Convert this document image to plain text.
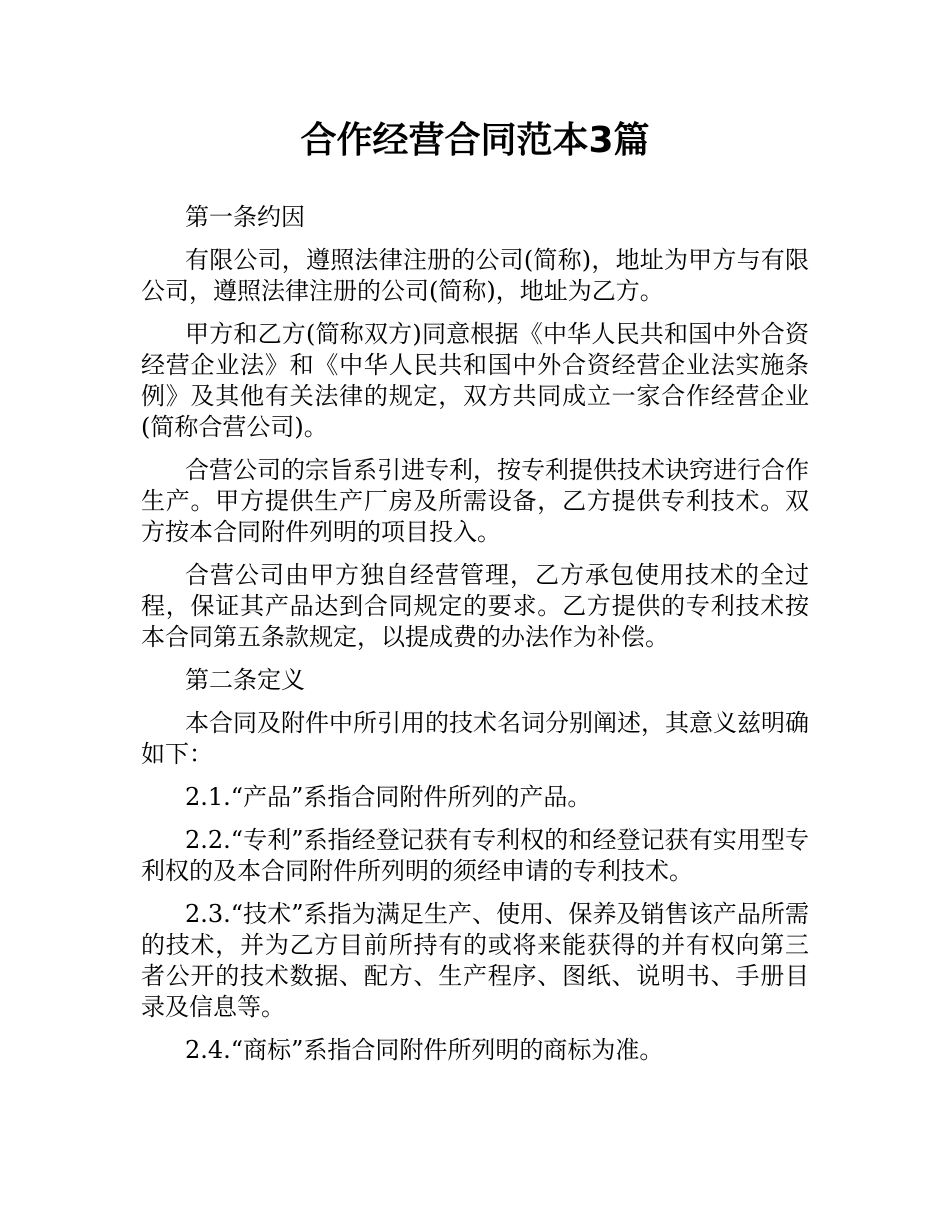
合作经营合同范本3篇

第一条约因

有限公司，遵照法律注册的公司(简称)，地址为甲方与有限公司，遵照法律注册的公司(简称)，地址为乙方。

甲方和乙方(简称双方)同意根据《中华人民共和国中外合资经营企业法》和《中华人民共和国中外合资经营企业法实施条例》及其他有关法律的规定，双方共同成立一家合作经营企业(简称合营公司)。

合营公司的宗旨系引进专利，按专利提供技术诀窍进行合作生产。甲方提供生产厂房及所需设备，乙方提供专利技术。双方按本合同附件列明的项目投入。

合营公司由甲方独自经营管理，乙方承包使用技术的全过程，保证其产品达到合同规定的要求。乙方提供的专利技术按本合同第五条款规定，以提成费的办法作为补偿。

第二条定义

本合同及附件中所引用的技术名词分别阐述，其意义兹明确如下：

2.1.“产品”系指合同附件所列的产品。

2.2.“专利”系指经登记获有专利权的和经登记获有实用型专利权的及本合同附件所列明的须经申请的专利技术。

2.3.“技术”系指为满足生产、使用、保养及销售该产品所需的技术，并为乙方目前所持有的或将来能获得的并有权向第三者公开的技术数据、配方、生产程序、图纸、说明书、手册目录及信息等。

2.4.“商标”系指合同附件所列明的商标为准。
